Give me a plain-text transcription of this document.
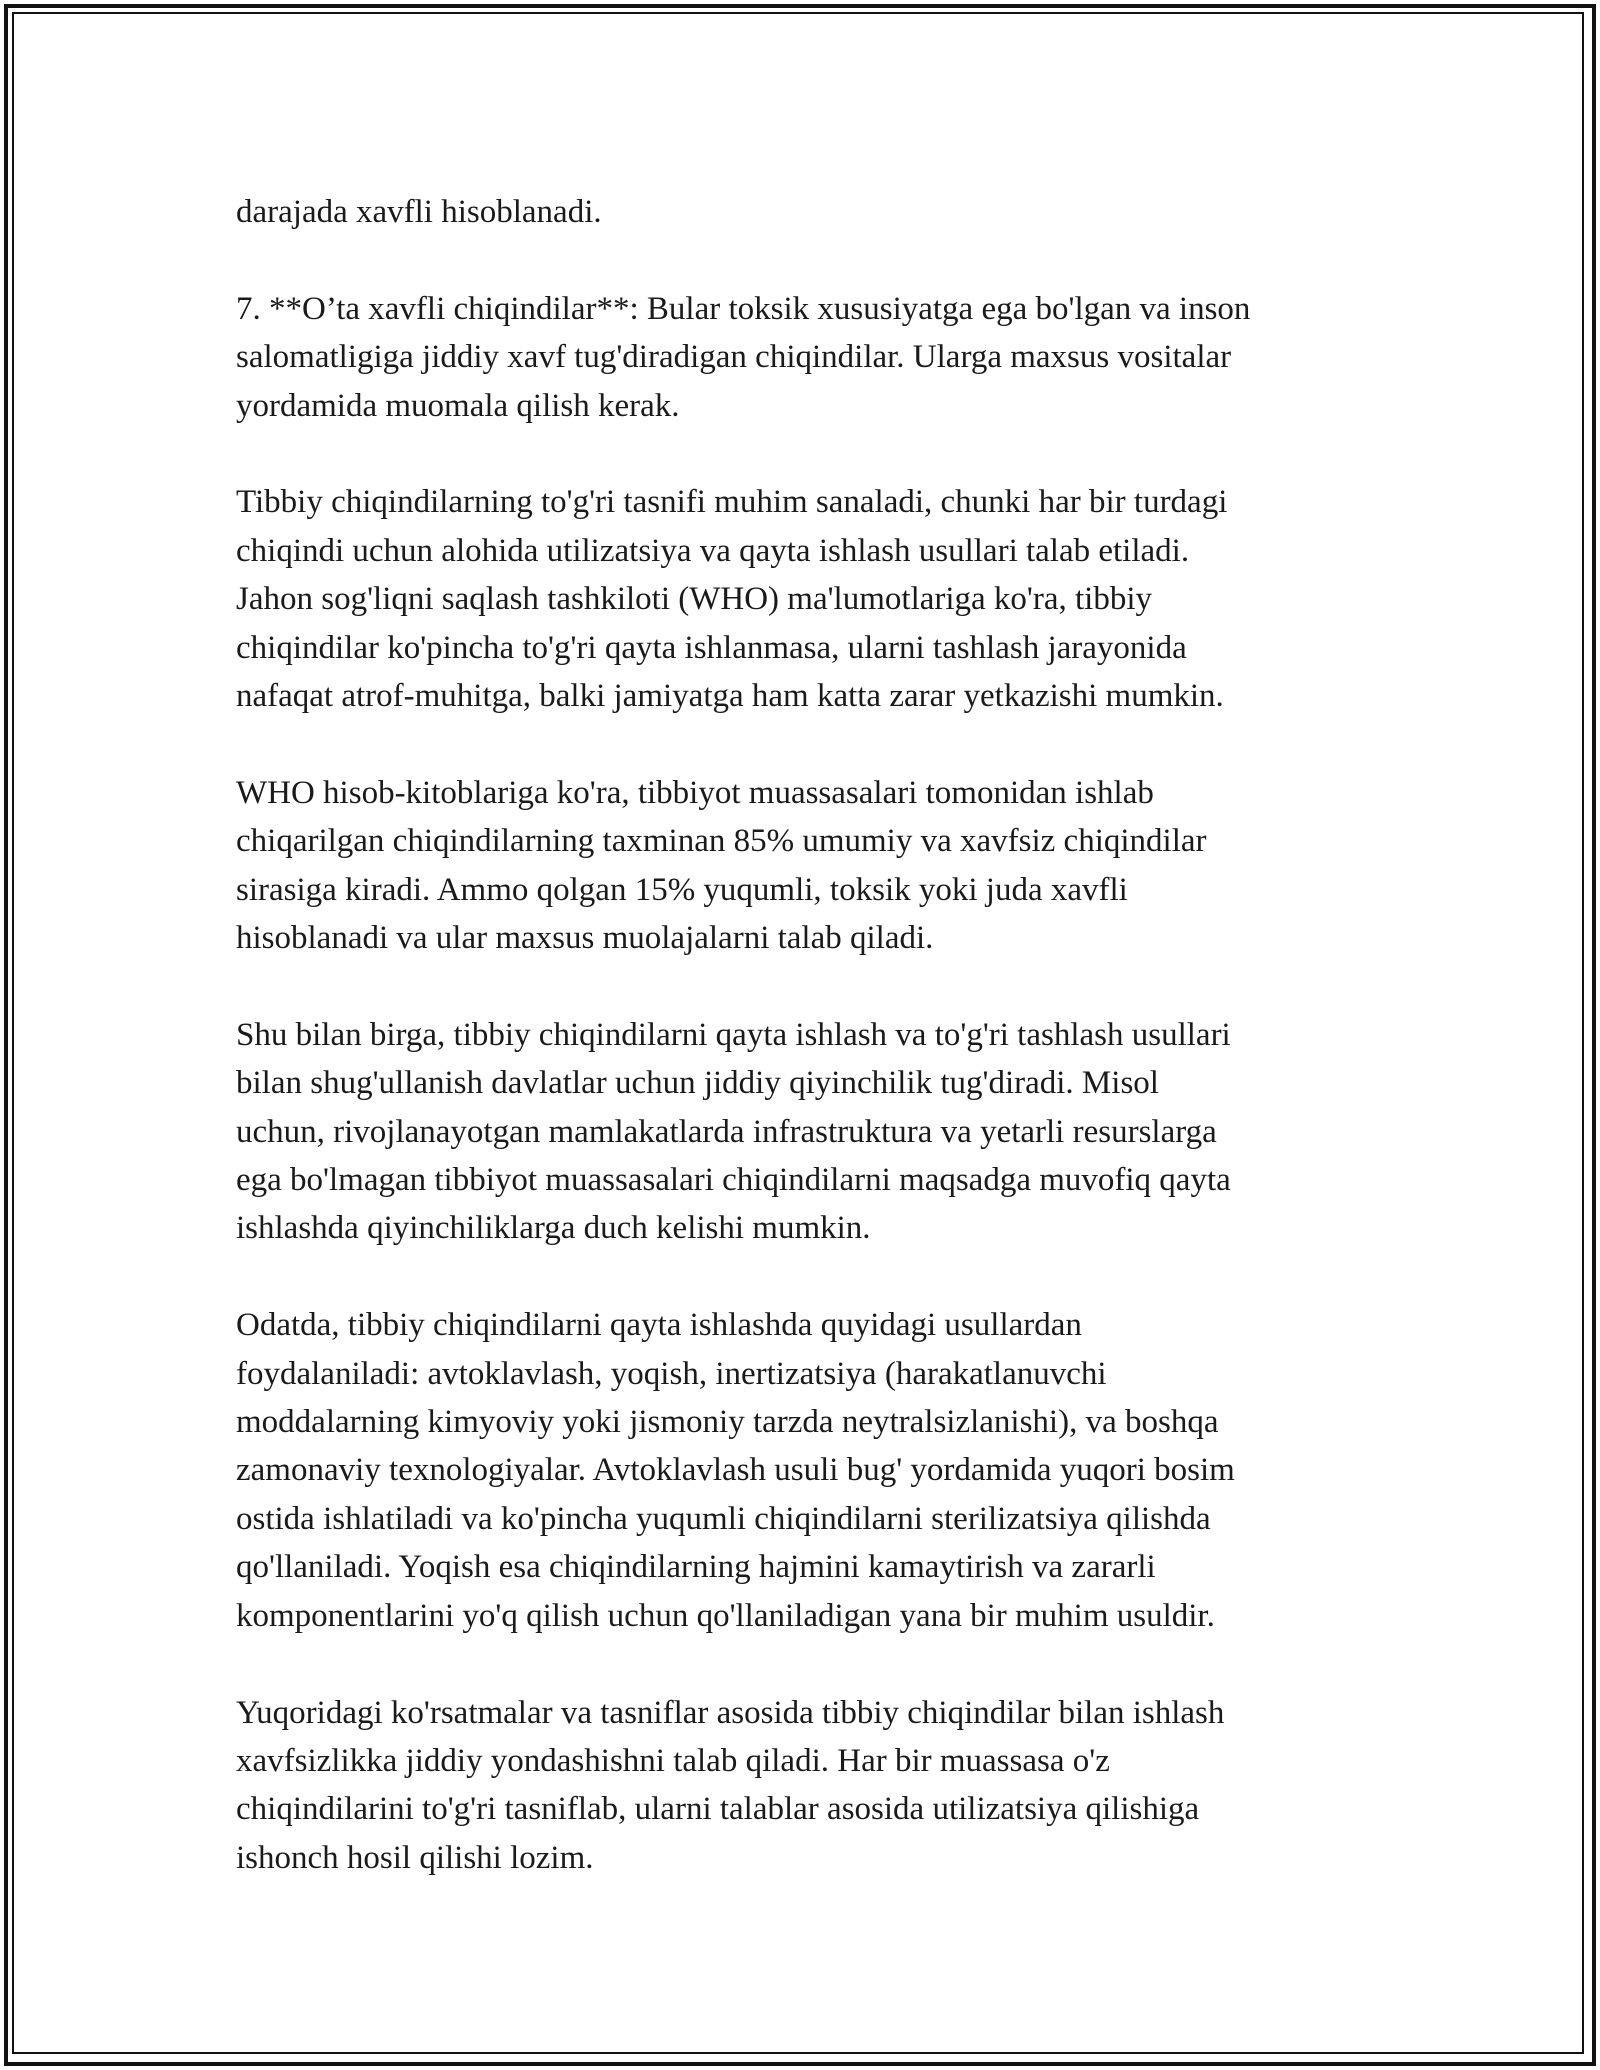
darajada xavfli hisoblanadi.
7. **O’ta xavfli chiqindilar**: Bular toksik xususiyatga ega bo'lgan va inson
salomatligiga jiddiy xavf tug'diradigan chiqindilar. Ularga maxsus vositalar
yordamida muomala qilish kerak.
Tibbiy chiqindilarning to'g'ri tasnifi muhim sanaladi, chunki har bir turdagi
chiqindi uchun alohida utilizatsiya va qayta ishlash usullari talab etiladi.
Jahon sog'liqni saqlash tashkiloti (WHO) ma'lumotlariga ko'ra, tibbiy
chiqindilar ko'pincha to'g'ri qayta ishlanmasa, ularni tashlash jarayonida
nafaqat atrof-muhitga, balki jamiyatga ham katta zarar yetkazishi mumkin.
WHO hisob-kitoblariga ko'ra, tibbiyot muassasalari tomonidan ishlab
chiqarilgan chiqindilarning taxminan 85% umumiy va xavfsiz chiqindilar
sirasiga kiradi. Ammo qolgan 15% yuqumli, toksik yoki juda xavfli
hisoblanadi va ular maxsus muolajalarni talab qiladi.
Shu bilan birga, tibbiy chiqindilarni qayta ishlash va to'g'ri tashlash usullari
bilan shug'ullanish davlatlar uchun jiddiy qiyinchilik tug'diradi. Misol
uchun, rivojlanayotgan mamlakatlarda infrastruktura va yetarli resurslarga
ega bo'lmagan tibbiyot muassasalari chiqindilarni maqsadga muvofiq qayta
ishlashda qiyinchiliklarga duch kelishi mumkin.
Odatda, tibbiy chiqindilarni qayta ishlashda quyidagi usullardan
foydalaniladi: avtoklavlash, yoqish, inertizatsiya (harakatlanuvchi
moddalarning kimyoviy yoki jismoniy tarzda neytralsizlanishi), va boshqa
zamonaviy texnologiyalar. Avtoklavlash usuli bug' yordamida yuqori bosim
ostida ishlatiladi va ko'pincha yuqumli chiqindilarni sterilizatsiya qilishda
qo'llaniladi. Yoqish esa chiqindilarning hajmini kamaytirish va zararli
komponentlarini yo'q qilish uchun qo'llaniladigan yana bir muhim usuldir.
Yuqoridagi ko'rsatmalar va tasniflar asosida tibbiy chiqindilar bilan ishlash
xavfsizlikka jiddiy yondashishni talab qiladi. Har bir muassasa o'z
chiqindilarini to'g'ri tasniflab, ularni talablar asosida utilizatsiya qilishiga
ishonch hosil qilishi lozim.
